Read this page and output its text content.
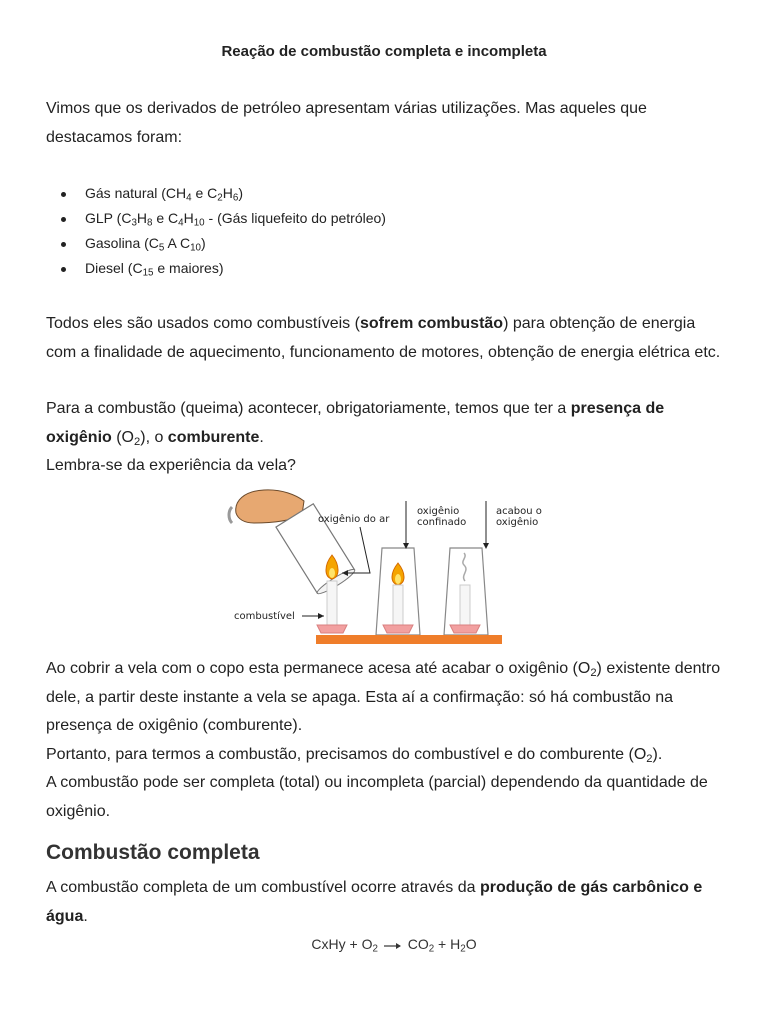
Reação de combustão completa e incompleta

Vimos que os derivados de petróleo apresentam várias utilizações. Mas aqueles que destacamos foram:

Gás natural ($CH_4$ e $C_2H_6$)
GLP ($C_3H_8$ e $C_4H_{10}$ - (Gás liquefeito do petróleo)
Gasolina ($C_5$ A $C_{10}$)
Diesel ($C_{15}$ e maiores)

Todos eles são usados como combustíveis (sofrem combustão) para obtenção de energia com a finalidade de aquecimento, funcionamento de motores, obtenção de energia elétrica etc.

Para a combustão (queima) acontecer, obrigatoriamente, temos que ter a presença de oxigênio $(O_2)$, o comburente.

Lembra-se da experiência da vela?

oxigênio do ar
combustível
oxigênio
confinado
acabou o
oxigênio

Ao cobrir a vela com o copo esta permanece acesa até acabar o oxigênio $(O_2)$ existente dentro dele, a partir deste instante a vela se apaga. Esta aí a confirmação: só há combustão na presença de oxigênio (comburente).

Portanto, para termos a combustão, precisamos do combustível e do comburente $(O_2)$.

A combustão pode ser completa (total) ou incompleta (parcial) dependendo da quantidade de oxigênio.

Combustão completa

A combustão completa de um combustível ocorre através da produção de gás carbônico e água.

CxHy + $O_2$ $CO_2 + H_2O$
